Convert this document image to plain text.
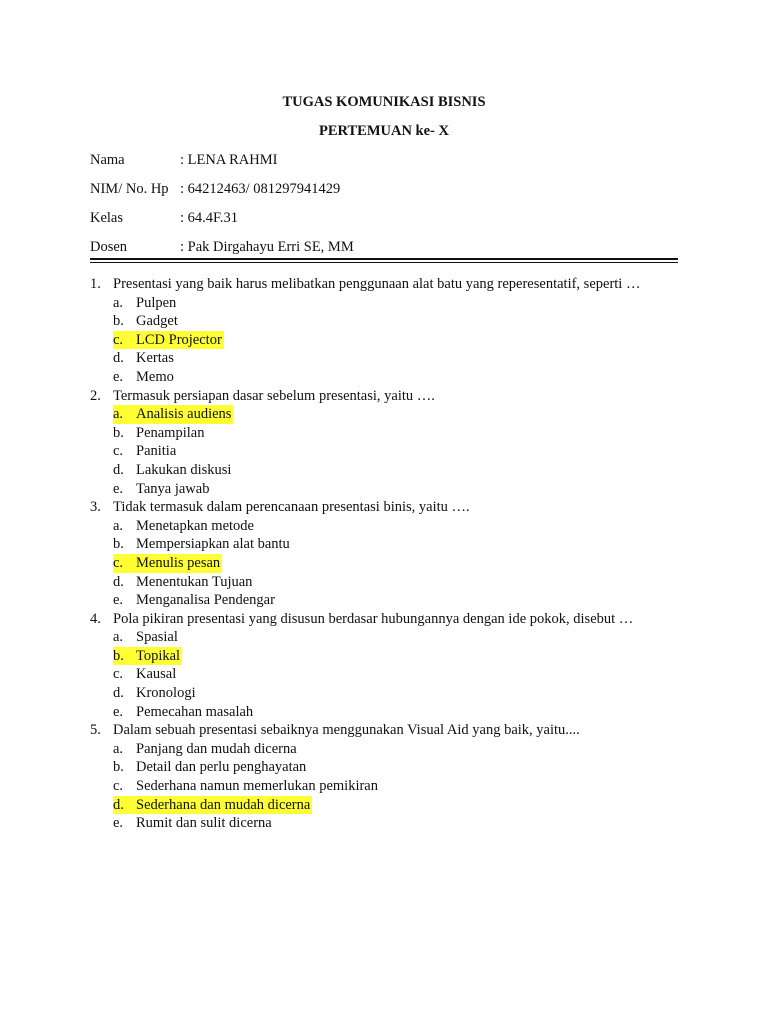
TUGAS KOMUNIKASI BISNIS
PERTEMUAN ke- X
Nama	: LENA RAHMI
NIM/ No. Hp : 64212463/ 081297941429
Kelas	: 64.4F.31
Dosen	: Pak Dirgahayu Erri SE, MM
1. Presentasi yang baik harus melibatkan penggunaan alat batu yang reperesentatif, seperti …
a. Pulpen
b. Gadget
c. LCD Projector
d. Kertas
e. Memo
2. Termasuk persiapan dasar sebelum presentasi, yaitu ….
a. Analisis audiens
b. Penampilan
c. Panitia
d. Lakukan diskusi
e. Tanya jawab
3. Tidak termasuk dalam perencanaan presentasi binis, yaitu ….
a. Menetapkan metode
b. Mempersiapkan alat bantu
c. Menulis pesan
d. Menentukan Tujuan
e. Menganalisa Pendengar
4. Pola pikiran presentasi yang disusun berdasar hubungannya dengan ide pokok, disebut …
a. Spasial
b. Topikal
c. Kausal
d. Kronologi
e. Pemecahan masalah
5. Dalam sebuah presentasi sebaiknya menggunakan Visual Aid yang baik, yaitu....
a. Panjang dan mudah dicerna
b. Detail dan perlu penghayatan
c. Sederhana namun memerlukan pemikiran
d. Sederhana dan mudah dicerna
e. Rumit dan sulit dicerna
